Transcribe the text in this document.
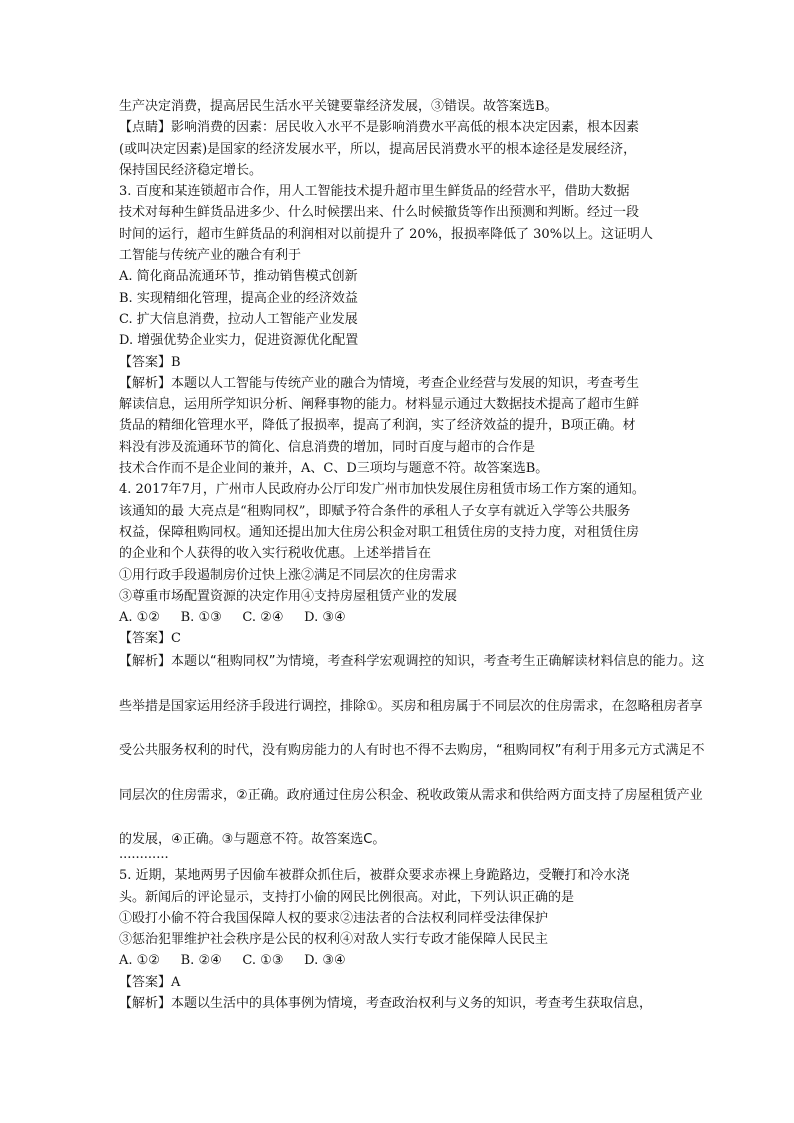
生产决定消费，提高居民生活水平关键要靠经济发展，③错误。故答案选B。
【点睛】影响消费的因素：居民收入水平不是影响消费水平高低的根本决定因素，根本因素
(或叫决定因素)是国家的经济发展水平，所以，提高居民消费水平的根本途径是发展经济，
保持国民经济稳定增长。
3. 百度和某连锁超市合作，用人工智能技术提升超市里生鲜货品的经营水平，借助大数据
技术对每种生鲜货品进多少、什么时候摆出来、什么时候撤货等作出预测和判断。经过一段
时间的运行，超市生鲜货品的利润相对以前提升了 20%，报损率降低了 30%以上。这证明人
工智能与传统产业的融合有利于
A. 简化商品流通环节，推动销售模式创新
B. 实现精细化管理，提高企业的经济效益
C. 扩大信息消费，拉动人工智能产业发展
D. 增强优势企业实力，促进资源优化配置
【答案】B
【解析】本题以人工智能与传统产业的融合为情境，考查企业经营与发展的知识，考查考生
解读信息，运用所学知识分析、阐释事物的能力。材料显示通过大数据技术提高了超市生鲜
货品的精细化管理水平，降低了报损率，提高了利润，实了经济效益的提升，B项正确。材
料没有涉及流通环节的简化、信息消费的增加，同时百度与超市的合作是
技术合作而不是企业间的兼并，A、C、D三项均与题意不符。故答案选B。
4. 2017年7月，广州市人民政府办公厅印发广州市加快发展住房租赁市场工作方案的通知。
该通知的最 大亮点是“租购同权”，即赋予符合条件的承租人子女享有就近入学等公共服务
权益，保障租购同权。通知还提出加大住房公积金对职工租赁住房的支持力度，对租赁住房
的企业和个人获得的收入实行税收优惠。上述举措旨在
①用行政手段遏制房价过快上涨②满足不同层次的住房需求
③尊重市场配置资源的决定作用④支持房屋租赁产业的发展
A. ①②     B. ①③     C. ②④     D. ③④
【答案】C
【解析】本题以“租购同权”为情境，考查科学宏观调控的知识，考查考生正确解读材料信息的能力。这
些举措是国家运用经济手段进行调控，排除①。买房和租房属于不同层次的住房需求，在忽略租房者享
受公共服务权利的时代，没有购房能力的人有时也不得不去购房，“租购同权”有利于用多元方式满足不
同层次的住房需求，②正确。政府通过住房公积金、税收政策从需求和供给两方面支持了房屋租赁产业
的发展，④正确。③与题意不符。故答案选C。
............
5. 近期，某地两男子因偷车被群众抓住后，被群众要求赤裸上身跪路边，受鞭打和冷水浇
头。新闻后的评论显示，支持打小偷的网民比例很高。对此，下列认识正确的是
①殴打小偷不符合我国保障人权的要求②违法者的合法权利同样受法律保护
③惩治犯罪维护社会秩序是公民的权利④对敌人实行专政才能保障人民民主
A. ①②     B. ②④     C. ①③     D. ③④
【答案】A
【解析】本题以生活中的具体事例为情境，考查政治权利与义务的知识，考查考生获取信息，
